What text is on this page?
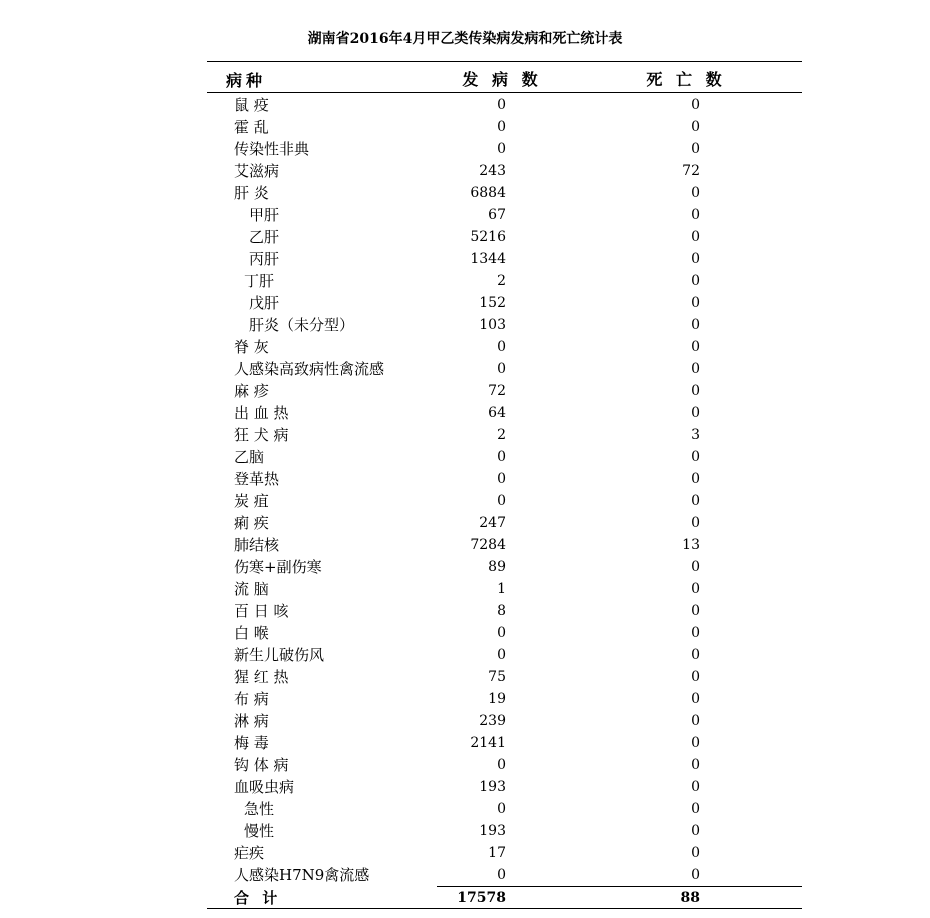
湖南省2016年4月甲乙类传染病发病和死亡统计表
病种	发 病 数	死 亡 数
鼠 疫	0	0
霍 乱	0	0
传染性非典	0	0
艾滋病	243	72
肝 炎	6884	0
甲肝	67	0
乙肝	5216	0
丙肝	1344	0
丁肝	2	0
戊肝	152	0
肝炎（未分型）	103	0
脊 灰	0	0
人感染高致病性禽流感	0	0
麻 疹	72	0
出 血 热	64	0
狂 犬 病	2	3
乙脑	0	0
登革热	0	0
炭 疽	0	0
痢 疾	247	0
肺结核	7284	13
伤寒+副伤寒	89	0
流 脑	1	0
百 日 咳	8	0
白 喉	0	0
新生儿破伤风	0	0
猩 红 热	75	0
布 病	19	0
淋 病	239	0
梅 毒	2141	0
钩 体 病	0	0
血吸虫病	193	0
急性	0	0
慢性	193	0
疟疾	17	0
人感染H7N9禽流感	0	0
合 计	17578	88
